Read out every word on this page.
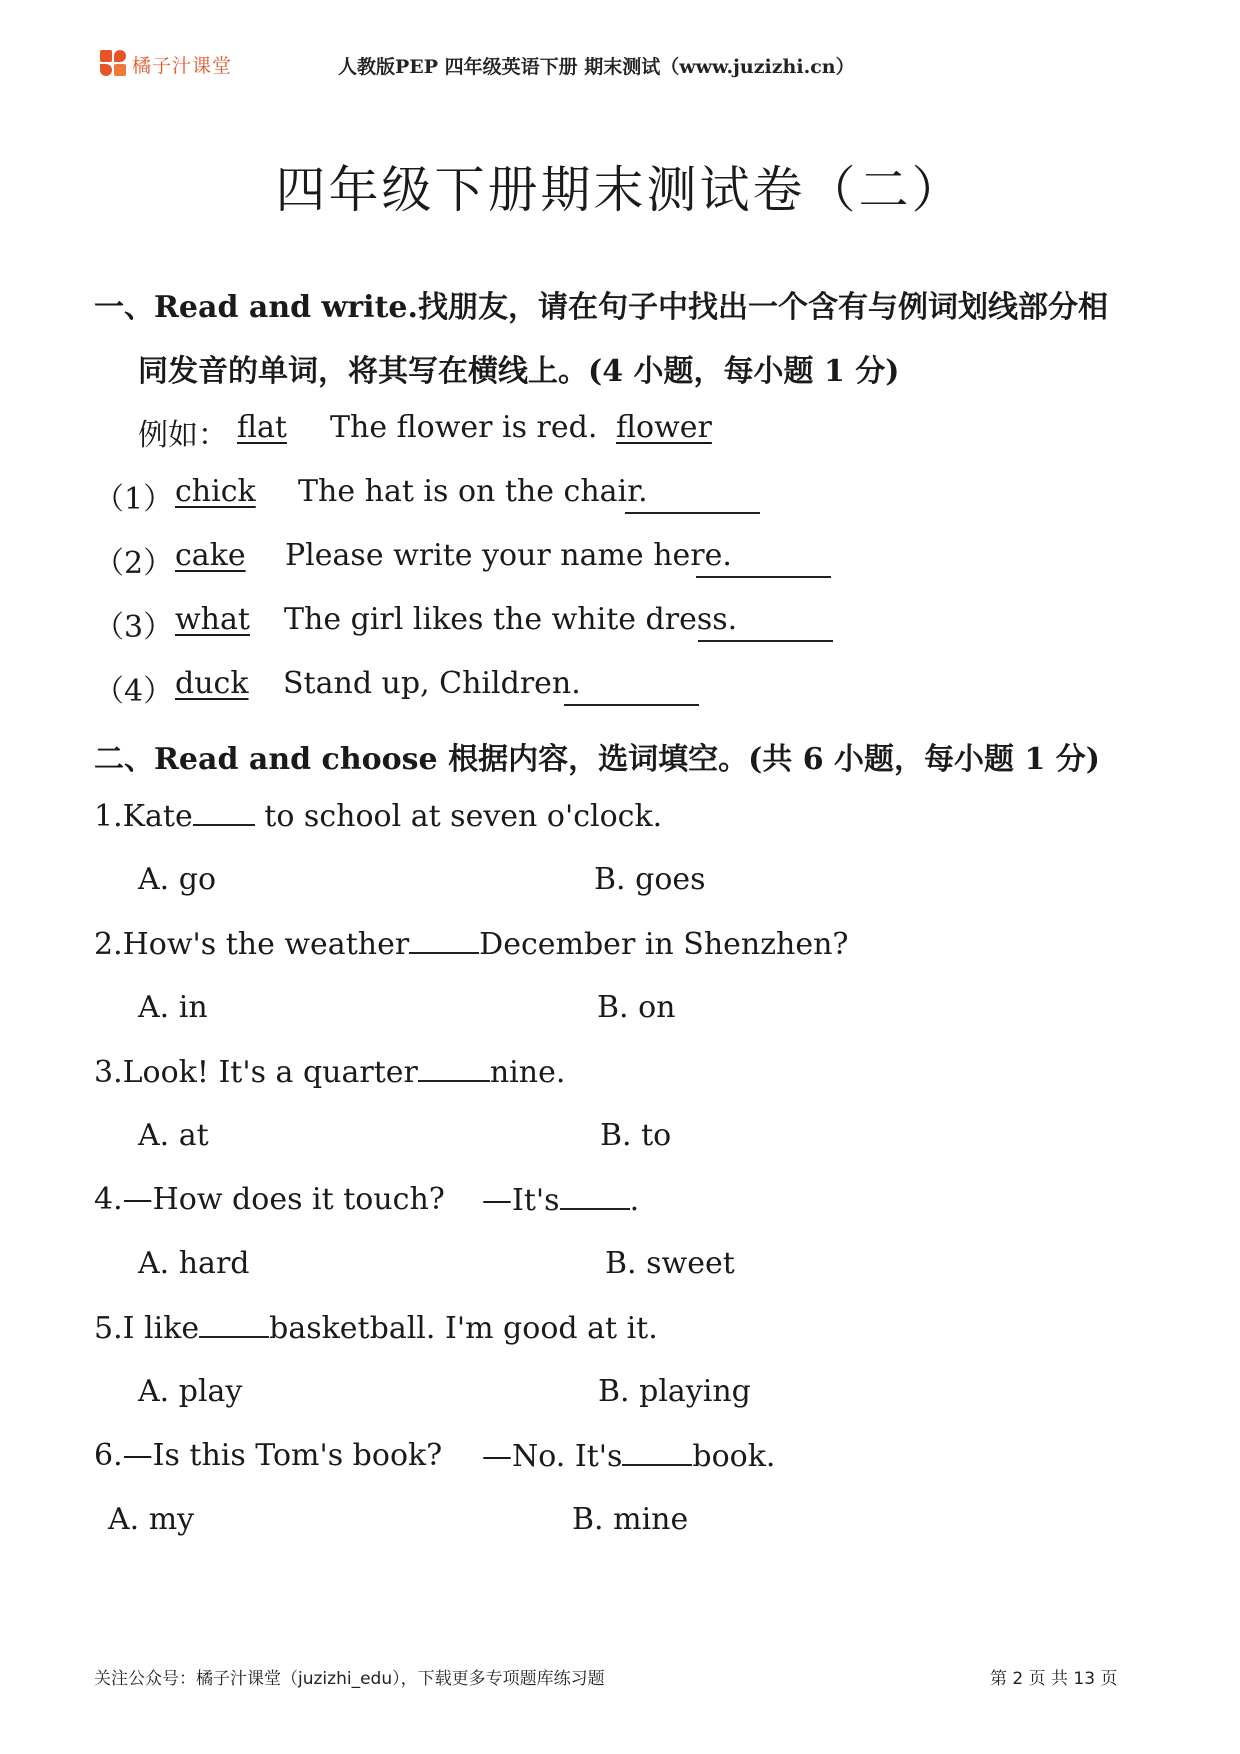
橘子汁课堂	人教版PEP 四年级英语下册 期末测试（www.juzizhi.cn）
四年级下册期末测试卷（二）
一、Read and write.找朋友，请在句子中找出一个含有与例词划线部分相
同发音的单词，将其写在横线上。(4 小题，每小题 1 分)
例如： flat The flower is red. flower
（1） chick The hat is on the chair.
（2） cake Please write your name here.
（3） what The girl likes the white dress.
（4） duck Stand up, Children.
二、Read and choose 根据内容，选词填空。(共 6 小题，每小题 1 分)
1.Kate to school at seven o'clock.
A. go	B. goes
2.How's the weather December in Shenzhen?
A. in	B. on
3.Look! It's a quarter nine.
A. at	B. to
4.—How does it touch? —It's .
A. hard	B. sweet
5.I like basketball. I'm good at it.
A. play	B. playing
6.—Is this Tom's book? —No. It's book.
A. my	B. mine
关注公众号：橘子汁课堂（juzizhi_edu），下载更多专项题库练习题	第 2 页 共 13 页
